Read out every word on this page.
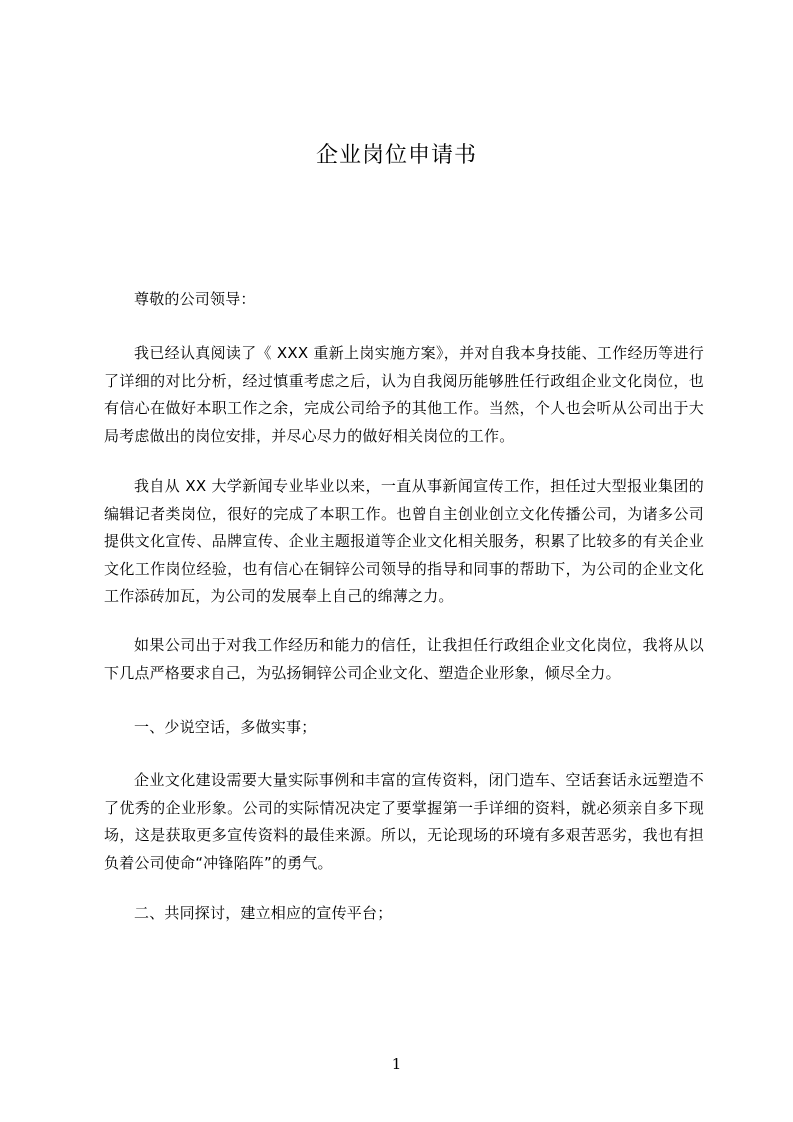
企业岗位申请书

尊敬的公司领导：

我已经认真阅读了《 XXX 重新上岗实施方案》，并对自我本身技能、工作经历等进行了详细的对比分析，经过慎重考虑之后，认为自我阅历能够胜任行政组企业文化岗位，也有信心在做好本职工作之余，完成公司给予的其他工作。当然，个人也会听从公司出于大局考虑做出的岗位安排，并尽心尽力的做好相关岗位的工作。

我自从 XX 大学新闻专业毕业以来，一直从事新闻宣传工作，担任过大型报业集团的编辑记者类岗位，很好的完成了本职工作。也曾自主创业创立文化传播公司，为诸多公司提供文化宣传、品牌宣传、企业主题报道等企业文化相关服务，积累了比较多的有关企业文化工作岗位经验，也有信心在铜锌公司领导的指导和同事的帮助下，为公司的企业文化工作添砖加瓦，为公司的发展奉上自己的绵薄之力。

如果公司出于对我工作经历和能力的信任，让我担任行政组企业文化岗位，我将从以下几点严格要求自己，为弘扬铜锌公司企业文化、塑造企业形象，倾尽全力。

一、少说空话，多做实事；

企业文化建设需要大量实际事例和丰富的宣传资料，闭门造车、空话套话永远塑造不了优秀的企业形象。公司的实际情况决定了要掌握第一手详细的资料，就必须亲自多下现场，这是获取更多宣传资料的最佳来源。所以，无论现场的环境有多艰苦恶劣，我也有担负着公司使命“冲锋陷阵”的勇气。

二、共同探讨，建立相应的宣传平台；

1
